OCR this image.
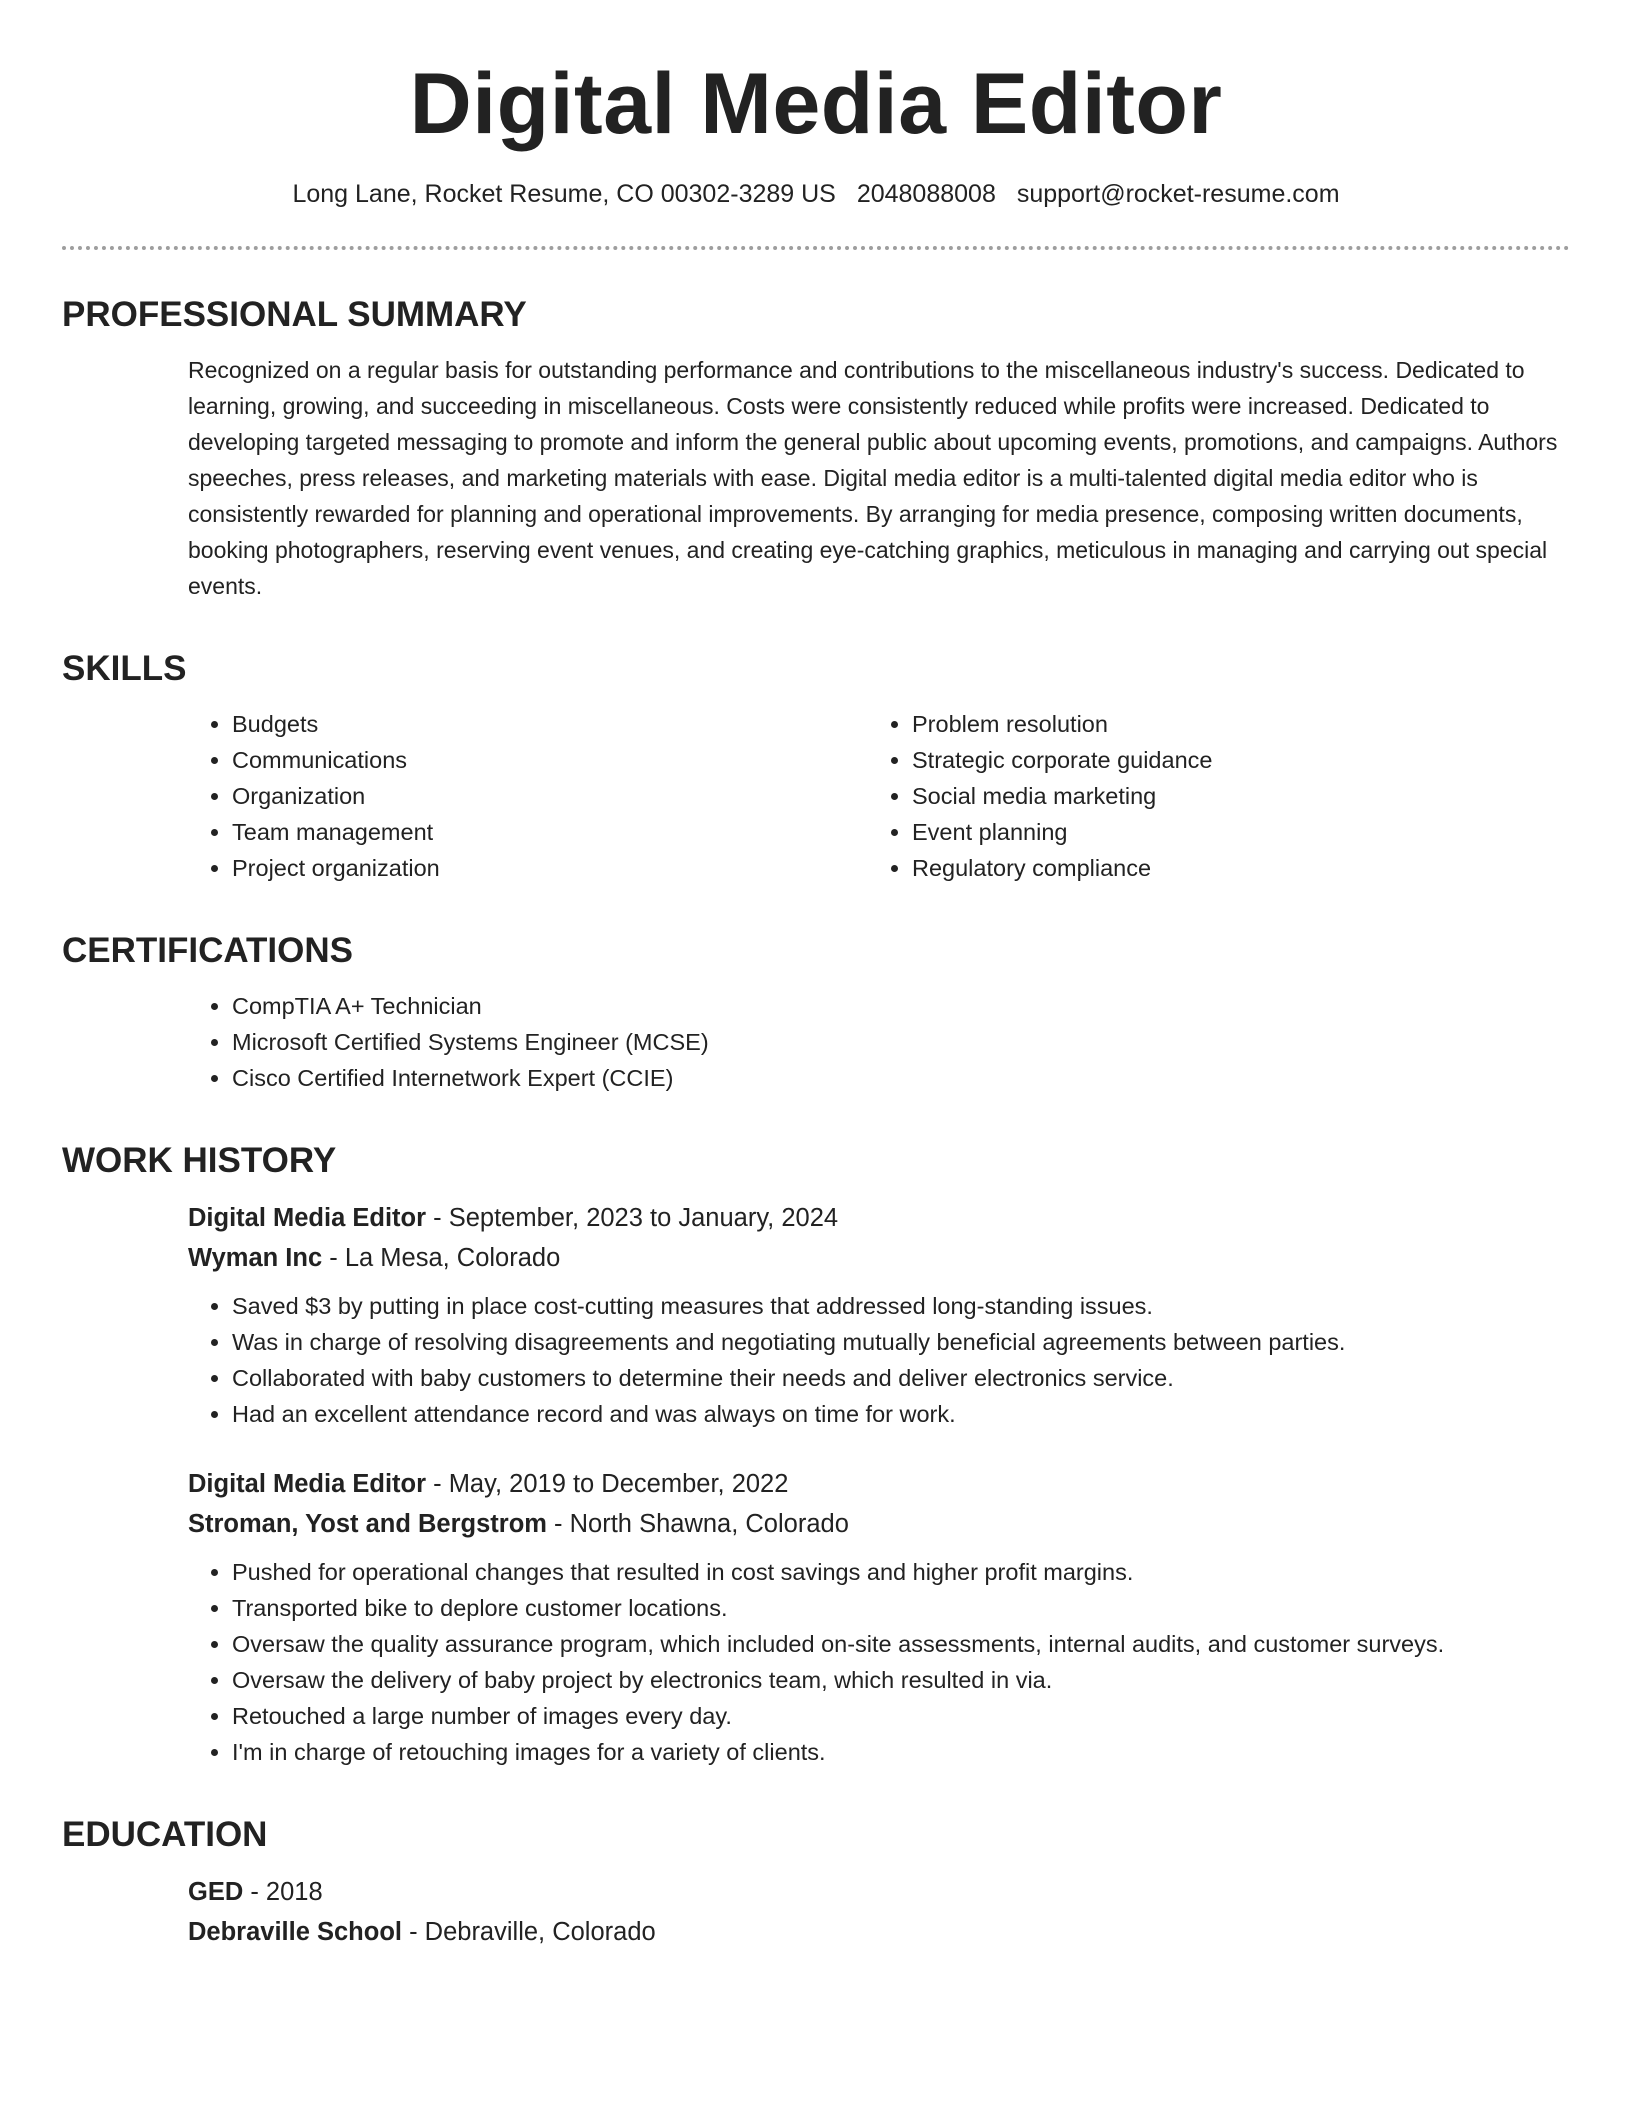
Digital Media Editor
Long Lane, Rocket Resume, CO 00302-3289 US 2048088008 support@rocket-resume.com
PROFESSIONAL SUMMARY

Recognized on a regular basis for outstanding performance and contributions to the miscellaneous industry's success. Dedicated to learning, growing, and succeeding in miscellaneous. Costs were consistently reduced while profits were increased. Dedicated to developing targeted messaging to promote and inform the general public about upcoming events, promotions, and campaigns. Authors speeches, press releases, and marketing materials with ease. Digital media editor is a multi-talented digital media editor who is consistently rewarded for planning and operational improvements. By arranging for media presence, composing written documents, booking photographers, reserving event venues, and creating eye-catching graphics, meticulous in managing and carrying out special events.

SKILLS
• Budgets
• Communications
• Organization
• Team management
• Project organization
• Problem resolution
• Strategic corporate guidance
• Social media marketing
• Event planning
• Regulatory compliance
CERTIFICATIONS
• CompTIA A+ Technician
• Microsoft Certified Systems Engineer (MCSE)
• Cisco Certified Internetwork Expert (CCIE)
WORK HISTORY
Digital Media Editor - September, 2023 to January, 2024
Wyman Inc - La Mesa, Colorado
• Saved $3 by putting in place cost-cutting measures that addressed long-standing issues.
• Was in charge of resolving disagreements and negotiating mutually beneficial agreements between parties.
• Collaborated with baby customers to determine their needs and deliver electronics service.
• Had an excellent attendance record and was always on time for work.
Digital Media Editor - May, 2019 to December, 2022
Stroman, Yost and Bergstrom - North Shawna, Colorado
• Pushed for operational changes that resulted in cost savings and higher profit margins.
• Transported bike to deplore customer locations.
• Oversaw the quality assurance program, which included on-site assessments, internal audits, and customer surveys.
• Oversaw the delivery of baby project by electronics team, which resulted in via.
• Retouched a large number of images every day.
• I'm in charge of retouching images for a variety of clients.
EDUCATION
GED - 2018
Debraville School - Debraville, Colorado
